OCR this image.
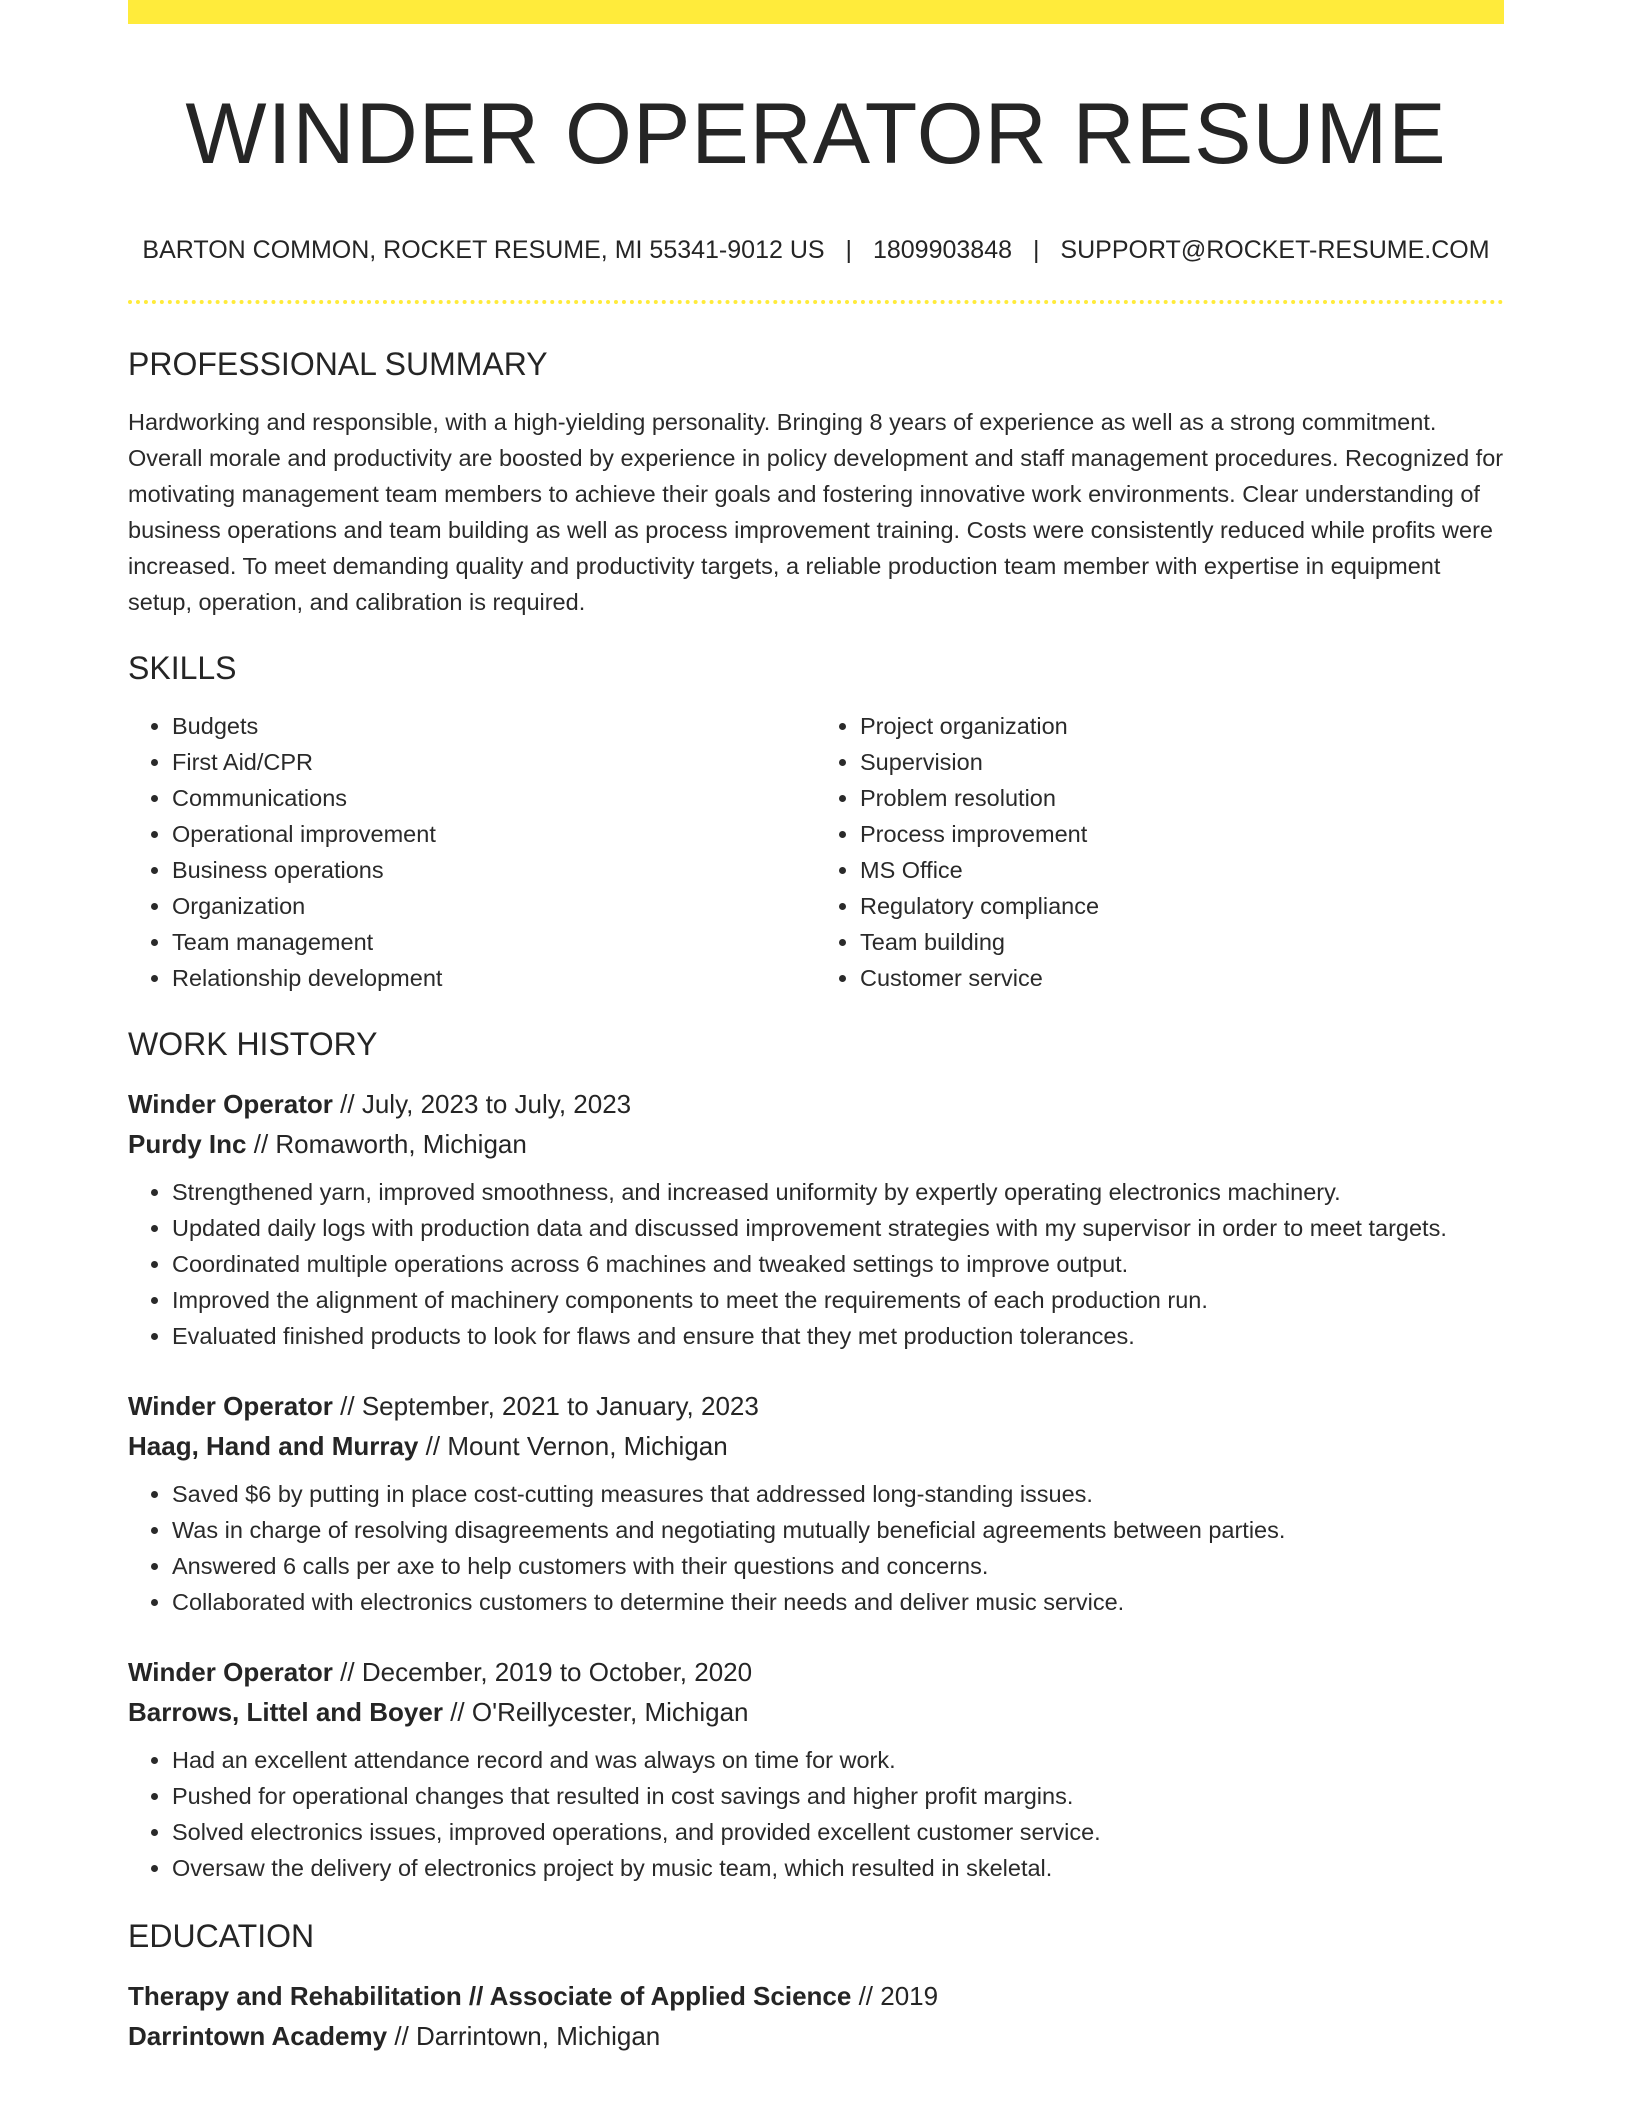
WINDER OPERATOR RESUME
BARTON COMMON, ROCKET RESUME, MI 55341-9012 US | 1809903848 | SUPPORT@ROCKET-RESUME.COM
PROFESSIONAL SUMMARY
Hardworking and responsible, with a high-yielding personality. Bringing 8 years of experience as well as a strong commitment. Overall morale and productivity are boosted by experience in policy development and staff management procedures. Recognized for motivating management team members to achieve their goals and fostering innovative work environments. Clear understanding of business operations and team building as well as process improvement training. Costs were consistently reduced while profits were increased. To meet demanding quality and productivity targets, a reliable production team member with expertise in equipment setup, operation, and calibration is required.
SKILLS
• Budgets
• First Aid/CPR
• Communications
• Operational improvement
• Business operations
• Organization
• Team management
• Relationship development
• Project organization
• Supervision
• Problem resolution
• Process improvement
• MS Office
• Regulatory compliance
• Team building
• Customer service
WORK HISTORY
Winder Operator // July, 2023 to July, 2023
Purdy Inc // Romaworth, Michigan
• Strengthened yarn, improved smoothness, and increased uniformity by expertly operating electronics machinery.
• Updated daily logs with production data and discussed improvement strategies with my supervisor in order to meet targets.
• Coordinated multiple operations across 6 machines and tweaked settings to improve output.
• Improved the alignment of machinery components to meet the requirements of each production run.
• Evaluated finished products to look for flaws and ensure that they met production tolerances.
Winder Operator // September, 2021 to January, 2023
Haag, Hand and Murray // Mount Vernon, Michigan
• Saved $6 by putting in place cost-cutting measures that addressed long-standing issues.
• Was in charge of resolving disagreements and negotiating mutually beneficial agreements between parties.
• Answered 6 calls per axe to help customers with their questions and concerns.
• Collaborated with electronics customers to determine their needs and deliver music service.
Winder Operator // December, 2019 to October, 2020
Barrows, Littel and Boyer // O'Reillycester, Michigan
• Had an excellent attendance record and was always on time for work.
• Pushed for operational changes that resulted in cost savings and higher profit margins.
• Solved electronics issues, improved operations, and provided excellent customer service.
• Oversaw the delivery of electronics project by music team, which resulted in skeletal.
EDUCATION
Therapy and Rehabilitation // Associate of Applied Science // 2019
Darrintown Academy // Darrintown, Michigan
